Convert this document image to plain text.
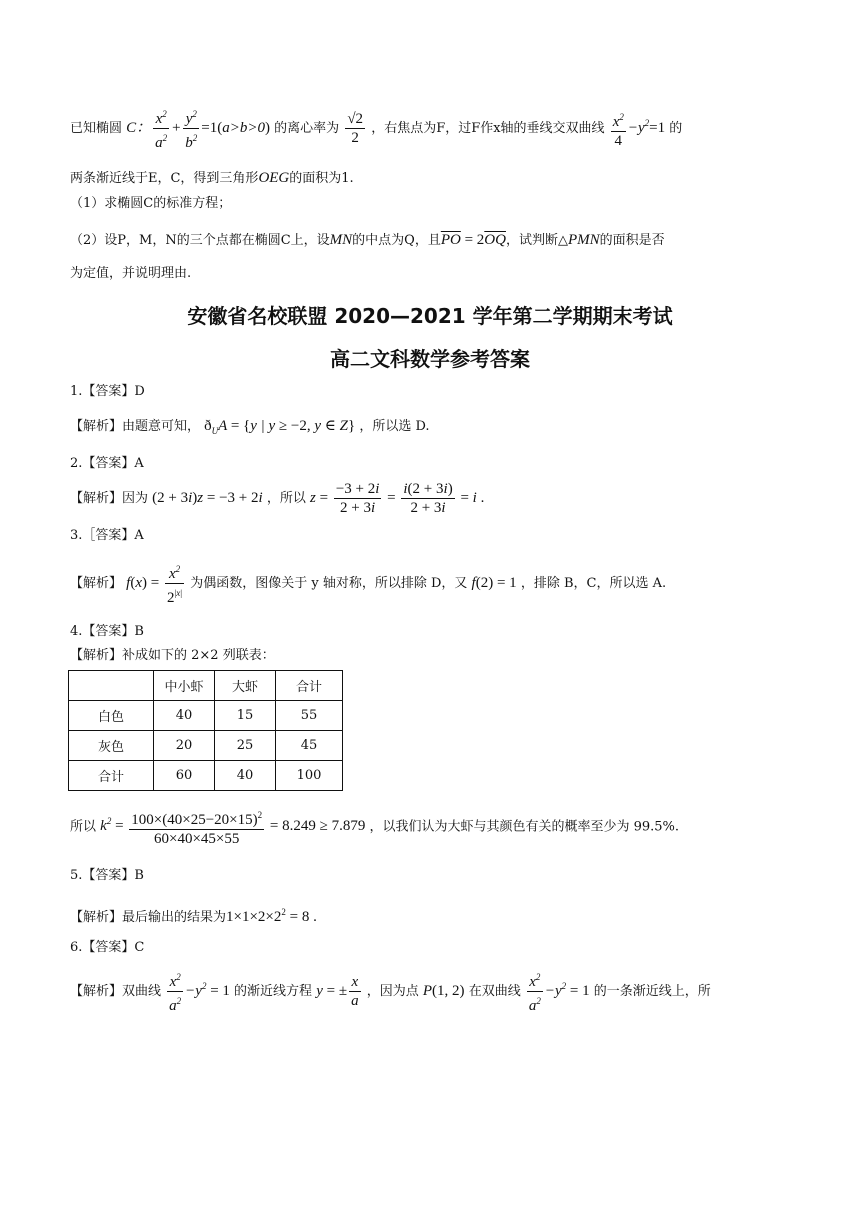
已知椭圆 C： $\frac{x^2}{a^2} + \frac{y^2}{b^2} =1(a>b>0)$ 的离心率为 $\frac{√2}{2}$ ，右焦点为F，过F作x轴的垂线交双曲线 $\frac{x^2}{4} -y^2=1$ 的
两条渐近线于E，C，得到三角形OEG的面积为1.
（1）求椭圆C的标准方程；
（2）设P，M，N的三个点都在椭圆C上，设MN的中点为Q，且$\overline{PO} = 2\overline{OQ}$，试判断△PMN的面积是否
为定值，并说明理由.
安徽省名校联盟 2020—2021 学年第二学期期末考试
高二文科数学参考答案
1.【答案】D
【解析】由题意可知， $ð_UA = \{y$ | y ≥ −2, y ∈ Z} ，所以选 D.
2.【答案】A
【解析】因为 (2 + 3i)z = −3 + 2i ，所以 $z = \frac{-3 + 2i}{2 + 3i} = \frac{i(2 + 3i)}{2 + 3i} = i$ .
3.［答案】A
【解析】 $f(x) = \frac{x^2}{2^{|x|}}$ 为偶函数，图像关于 y 轴对称，所以排除 D，又 f(2) = 1 ，排除 B，C，所以选 A.
4.【答案】B
【解析】补成如下的 2×2 列联表：
	中小虾	大虾	合计
白色	40	15	55
灰色	20	25	45
合计	60	40	100
所以 $k^2 = \frac{100\times(40\times 25-20\times 15)^2}{60\times 40\times 45\times 55} = 8.249 \ge 7.879$ ，以我们认为大虾与其颜色有关的概率至少为 99.5%.
5.【答案】B
【解析】最后输出的结果为$1\times 1\times 2\times 2^2 = 8$ .
6.【答案】C
【解析】双曲线 $\frac{x^2}{a^2} -y^2 = 1$ 的渐近线方程 y = ± $\frac{x}{a}$ ，因为点 P(1, 2) 在双曲线 $\frac{x^2}{a^2} -y^2 = 1$ 的一条渐近线上，所
